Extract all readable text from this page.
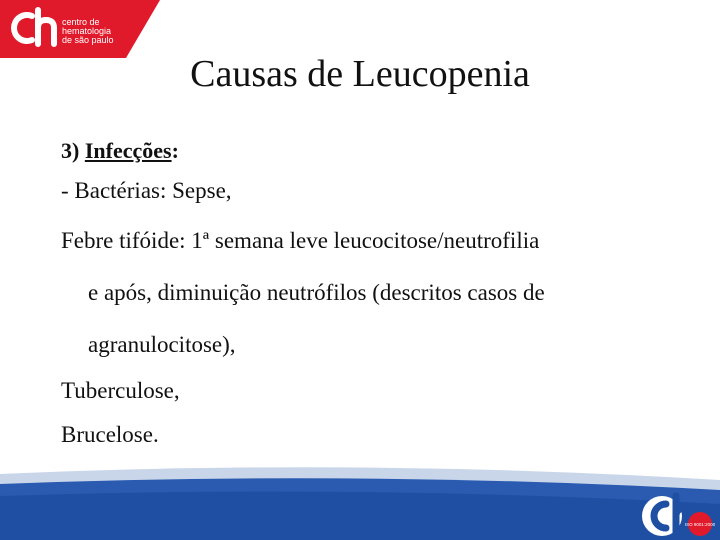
centro de
hematologia
de são paulo
Causas de Leucopenia
3) Infecções:
- Bactérias: Sepse,
Febre tifóide: 1ª semana leve leucocitose/neutrofilia
e após, diminuição neutrófilos (descritos casos de
agranulocitose),
Tuberculose,
Brucelose.
ISO 9001:2000
